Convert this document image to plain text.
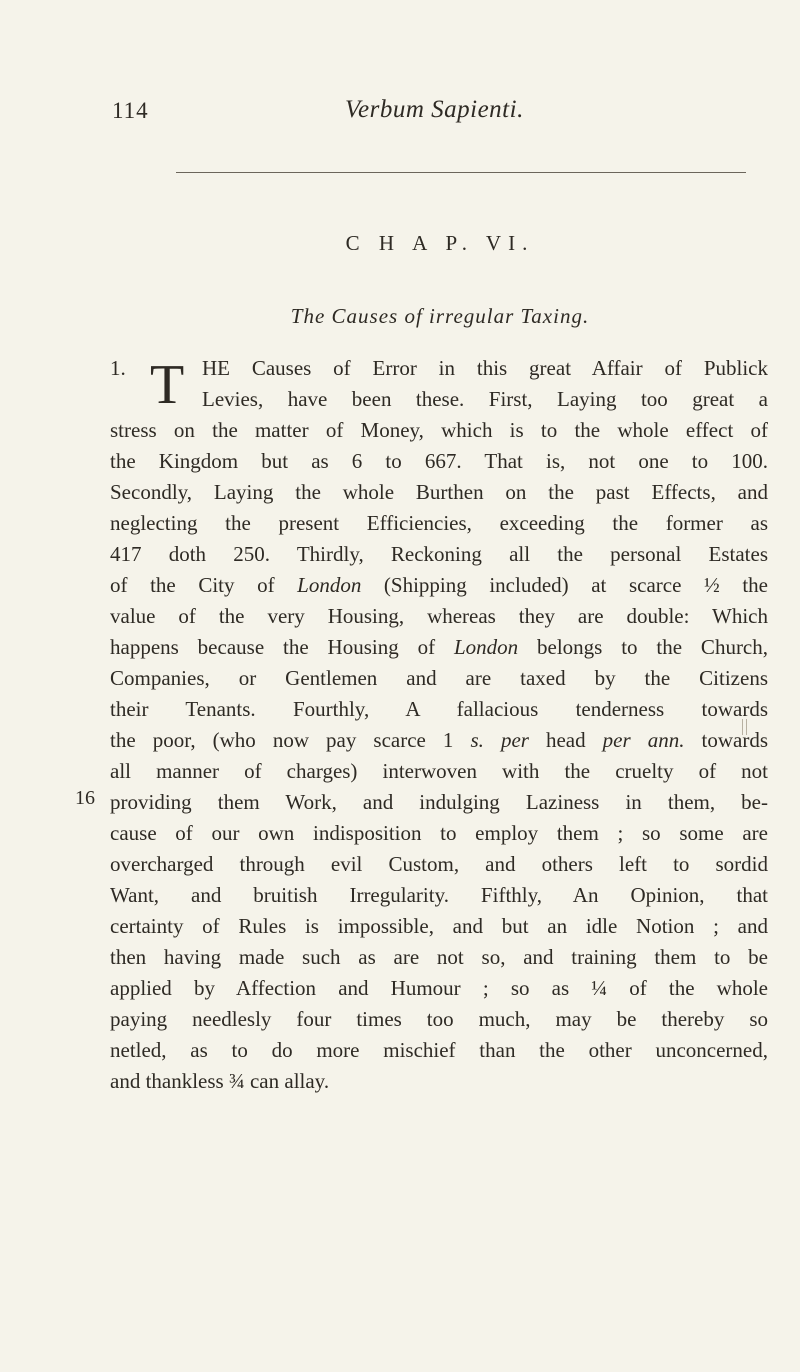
114	Verbum Sapienti.
C H A P. VI.
The Causes of irregular Taxing.
T
1.	HE Causes of Error in this great Affair of Publick
Levies, have been these. First, Laying too great a
stress on the matter of Money, which is to the whole effect of
the Kingdom but as 6 to 667. That is, not one to 100.
Secondly, Laying the whole Burthen on the past Effects, and
neglecting the present Efficiencies, exceeding the former as
417 doth 250. Thirdly, Reckoning all the personal Estates
of the City of London (Shipping included) at scarce ½ the
value of the very Housing, whereas they are double: Which
happens because the Housing of London belongs to the Church,
Companies, or Gentlemen and are taxed by the Citizens
their Tenants. Fourthly, A fallacious tenderness towards
the poor, (who now pay scarce 1 s. per head per ann. towards
all manner of charges) interwoven with the cruelty of not
providing them Work, and indulging Laziness in them, be-
cause of our own indisposition to employ them ; so some are
overcharged through evil Custom, and others left to sordid
Want, and bruitish Irregularity. Fifthly, An Opinion, that
certainty of Rules is impossible, and but an idle Notion ; and
then having made such as are not so, and training them to be
applied by Affection and Humour ; so as ¼ of the whole
paying needlesly four times too much, may be thereby so
netled, as to do more mischief than the other unconcerned,
and thankless ¾ can allay.
16
